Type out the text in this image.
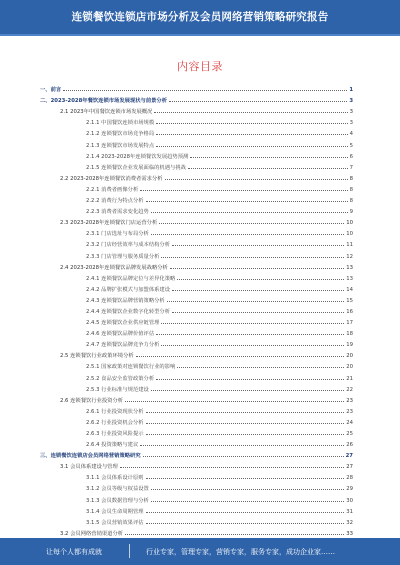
连锁餐饮连锁店市场分析及会员网络营销策略研究报告
内容目录
一、前言	1
二、2023-2028年餐饮连锁市场发展现状与前景分析	3
2.1 2023年中国餐饮连锁市场发展概况	3
2.1.1 中国餐饮连锁市场规模	3
2.1.2 连锁餐饮市场竞争格局	4
2.1.3 连锁餐饮市场发展特点	5
2.1.4 2023-2028年连锁餐饮发展趋势预测	6
2.1.5 连锁餐饮企业发展面临的机遇与挑战	7
2.2 2023-2028年连锁餐饮消费者需求分析	8
2.2.1 消费者画像分析	8
2.2.2 消费行为特点分析	8
2.2.3 消费者需求变化趋势	9
2.3 2023-2028年连锁餐饮门店运营分析	10
2.3.1 门店选址与布局分析	10
2.3.2 门店经营效率与成本结构分析	11
2.3.3 门店管理与服务质量分析	12
2.4 2023-2028年连锁餐饮品牌发展战略分析	13
2.4.1 连锁餐饮品牌定位与差异化策略	13
2.4.2 品牌扩张模式与加盟体系建设	14
2.4.3 连锁餐饮品牌营销策略分析	15
2.4.4 连锁餐饮企业数字化转型分析	16
2.4.5 连锁餐饮企业供应链管理	17
2.4.6 连锁餐饮品牌价值评估	18
2.4.7 连锁餐饮品牌竞争力分析	19
2.5 连锁餐饮行业政策环境分析	20
2.5.1 国家政策对连锁餐饮行业的影响	20
2.5.2 食品安全监管政策分析	21
2.5.3 行业标准与规范建设	22
2.6 连锁餐饮行业投资分析	23
2.6.1 行业投资现状分析	23
2.6.2 行业投资机会分析	24
2.6.3 行业投资风险提示	25
2.6.4 投资策略与建议	26
三、连锁餐饮连锁店会员网络营销策略研究	27
3.1 会员体系建设与管理	27
3.1.1 会员体系设计原则	28
3.1.2 会员等级与权益设置	29
3.1.3 会员数据管理与分析	30
3.1.4 会员生命周期管理	31
3.1.5 会员营销效果评估	32
3.2 会员网络营销渠道分析	33
让每个人都有成就	行业专家，管理专家，营销专家，服务专家，成功企业家……
